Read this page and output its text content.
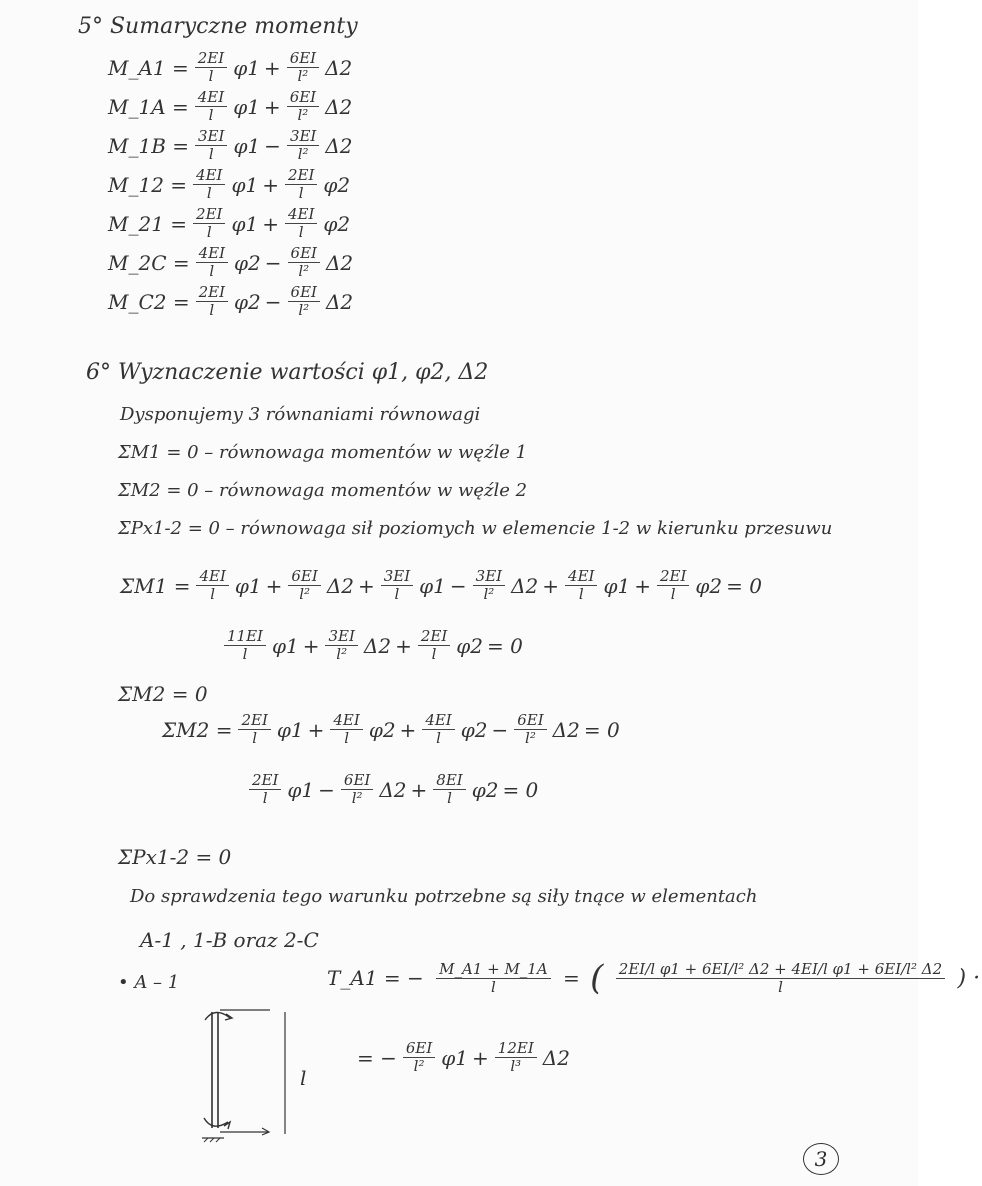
5° Sumaryczne momenty
M_A1 = $\frac{2EI}{l} \varphi 1 + \frac{6EI}{\text{l²}} \Delta 2$
M_1A = $\frac{4EI}{l} \varphi 1 + \frac{6EI}{\text{l²}} \Delta 2$
M_1B = $\frac{3EI}{l} \varphi 1 - \frac{3EI}{\text{l²}} \Delta 2$
M_12 = $\frac{4EI}{l} \varphi 1 + \frac{2EI}{l} \varphi 2$
M_21 = $\frac{2EI}{l} \varphi 1 + \frac{4EI}{l} \varphi 2$
M_2C = $\frac{4EI}{l} \varphi 2 - \frac{6EI}{\text{l²}} \Delta 2$
M_C2 = $\frac{2EI}{l} \varphi 2 - \frac{6EI}{\text{l²}} \Delta 2$
6° Wyznaczenie wartości φ1, φ2, Δ2
Dysponujemy 3 równaniami równowagi
ΣM1 = 0 – równowaga momentów w węźle 1
ΣM2 = 0 – równowaga momentów w węźle 2
ΣPx1-2 = 0 – równowaga sił poziomych w elemencie 1-2 w kierunku przesuwu
$\Sigma M1 = \frac{4EI}{l} \varphi 1 + \frac{6EI}{\text{l²}} \Delta 2 + \frac{3EI}{l} \varphi 1 - \frac{3EI}{\text{l²}} \Delta 2 + \frac{4EI}{l} \varphi 1 + \frac{2EI}{l} \varphi 2 = 0$
$\frac{11EI}{l} \varphi 1 + \frac{3EI}{\text{l²}} \Delta 2 + \frac{2EI}{l} \varphi 2 = 0$
ΣM2 = 0
$\Sigma M2 = \frac{2EI}{l} \varphi 1 + \frac{4EI}{l} \varphi 2 + \frac{4EI}{l} \varphi 2 - \frac{6EI}{\text{l²}} \Delta 2 = 0$
$\frac{2EI}{l} \varphi 1 - \frac{6EI}{\text{l²}} \Delta 2 + \frac{8EI}{l} \varphi 2 = 0$
ΣPx1-2 = 0
Do sprawdzenia tego warunku potrzebne są siły tnące w elementach
A-1 , 1-B oraz 2-C
• A – 1	T_A1 = − $\frac{M\_A1 + M\_1A}{l}$ = ( $\frac{\text{2EI/l φ1 + 6EI/l² Δ2 + 4EI/l φ1 + 6EI/l² Δ2}}{l}$ ) ·
= − $\frac{6EI}{\text{l²}} \varphi 1 + \frac{12EI}{\text{l³}} \Delta 2$
l
3
